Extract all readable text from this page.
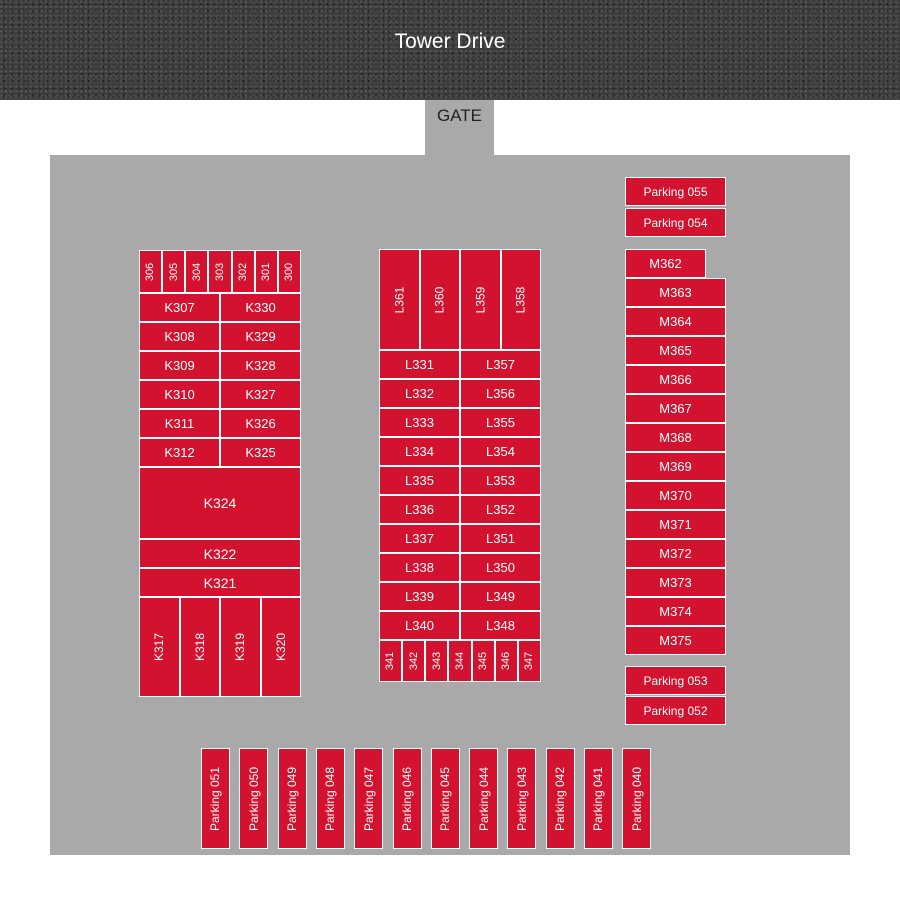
Tower Drive
GATE
Parking 055
Parking 054
Parking 053
Parking 052
Parking 051 Parking 050 Parking 049 Parking 048 Parking 047 Parking 046 Parking 045 Parking 044 Parking 043 Parking 042 Parking 041 Parking 040
306 305 304 303 302 301 300
K307	K330
K308	K329
K309	K328
K310	K327
K311	K326
K312	K325
K324
K322
K321
K317 K318 K319 K320
L361 L360 L359 L358
L331	L357
L332	L356
L333	L355
L334	L354
L335	L353
L336	L352
L337	L351
L338	L350
L339	L349
L340	L348
341 342 343 344 345 346 347
M362
M363
M364
M365
M366
M367
M368
M369
M370
M371
M372
M373
M374
M375
